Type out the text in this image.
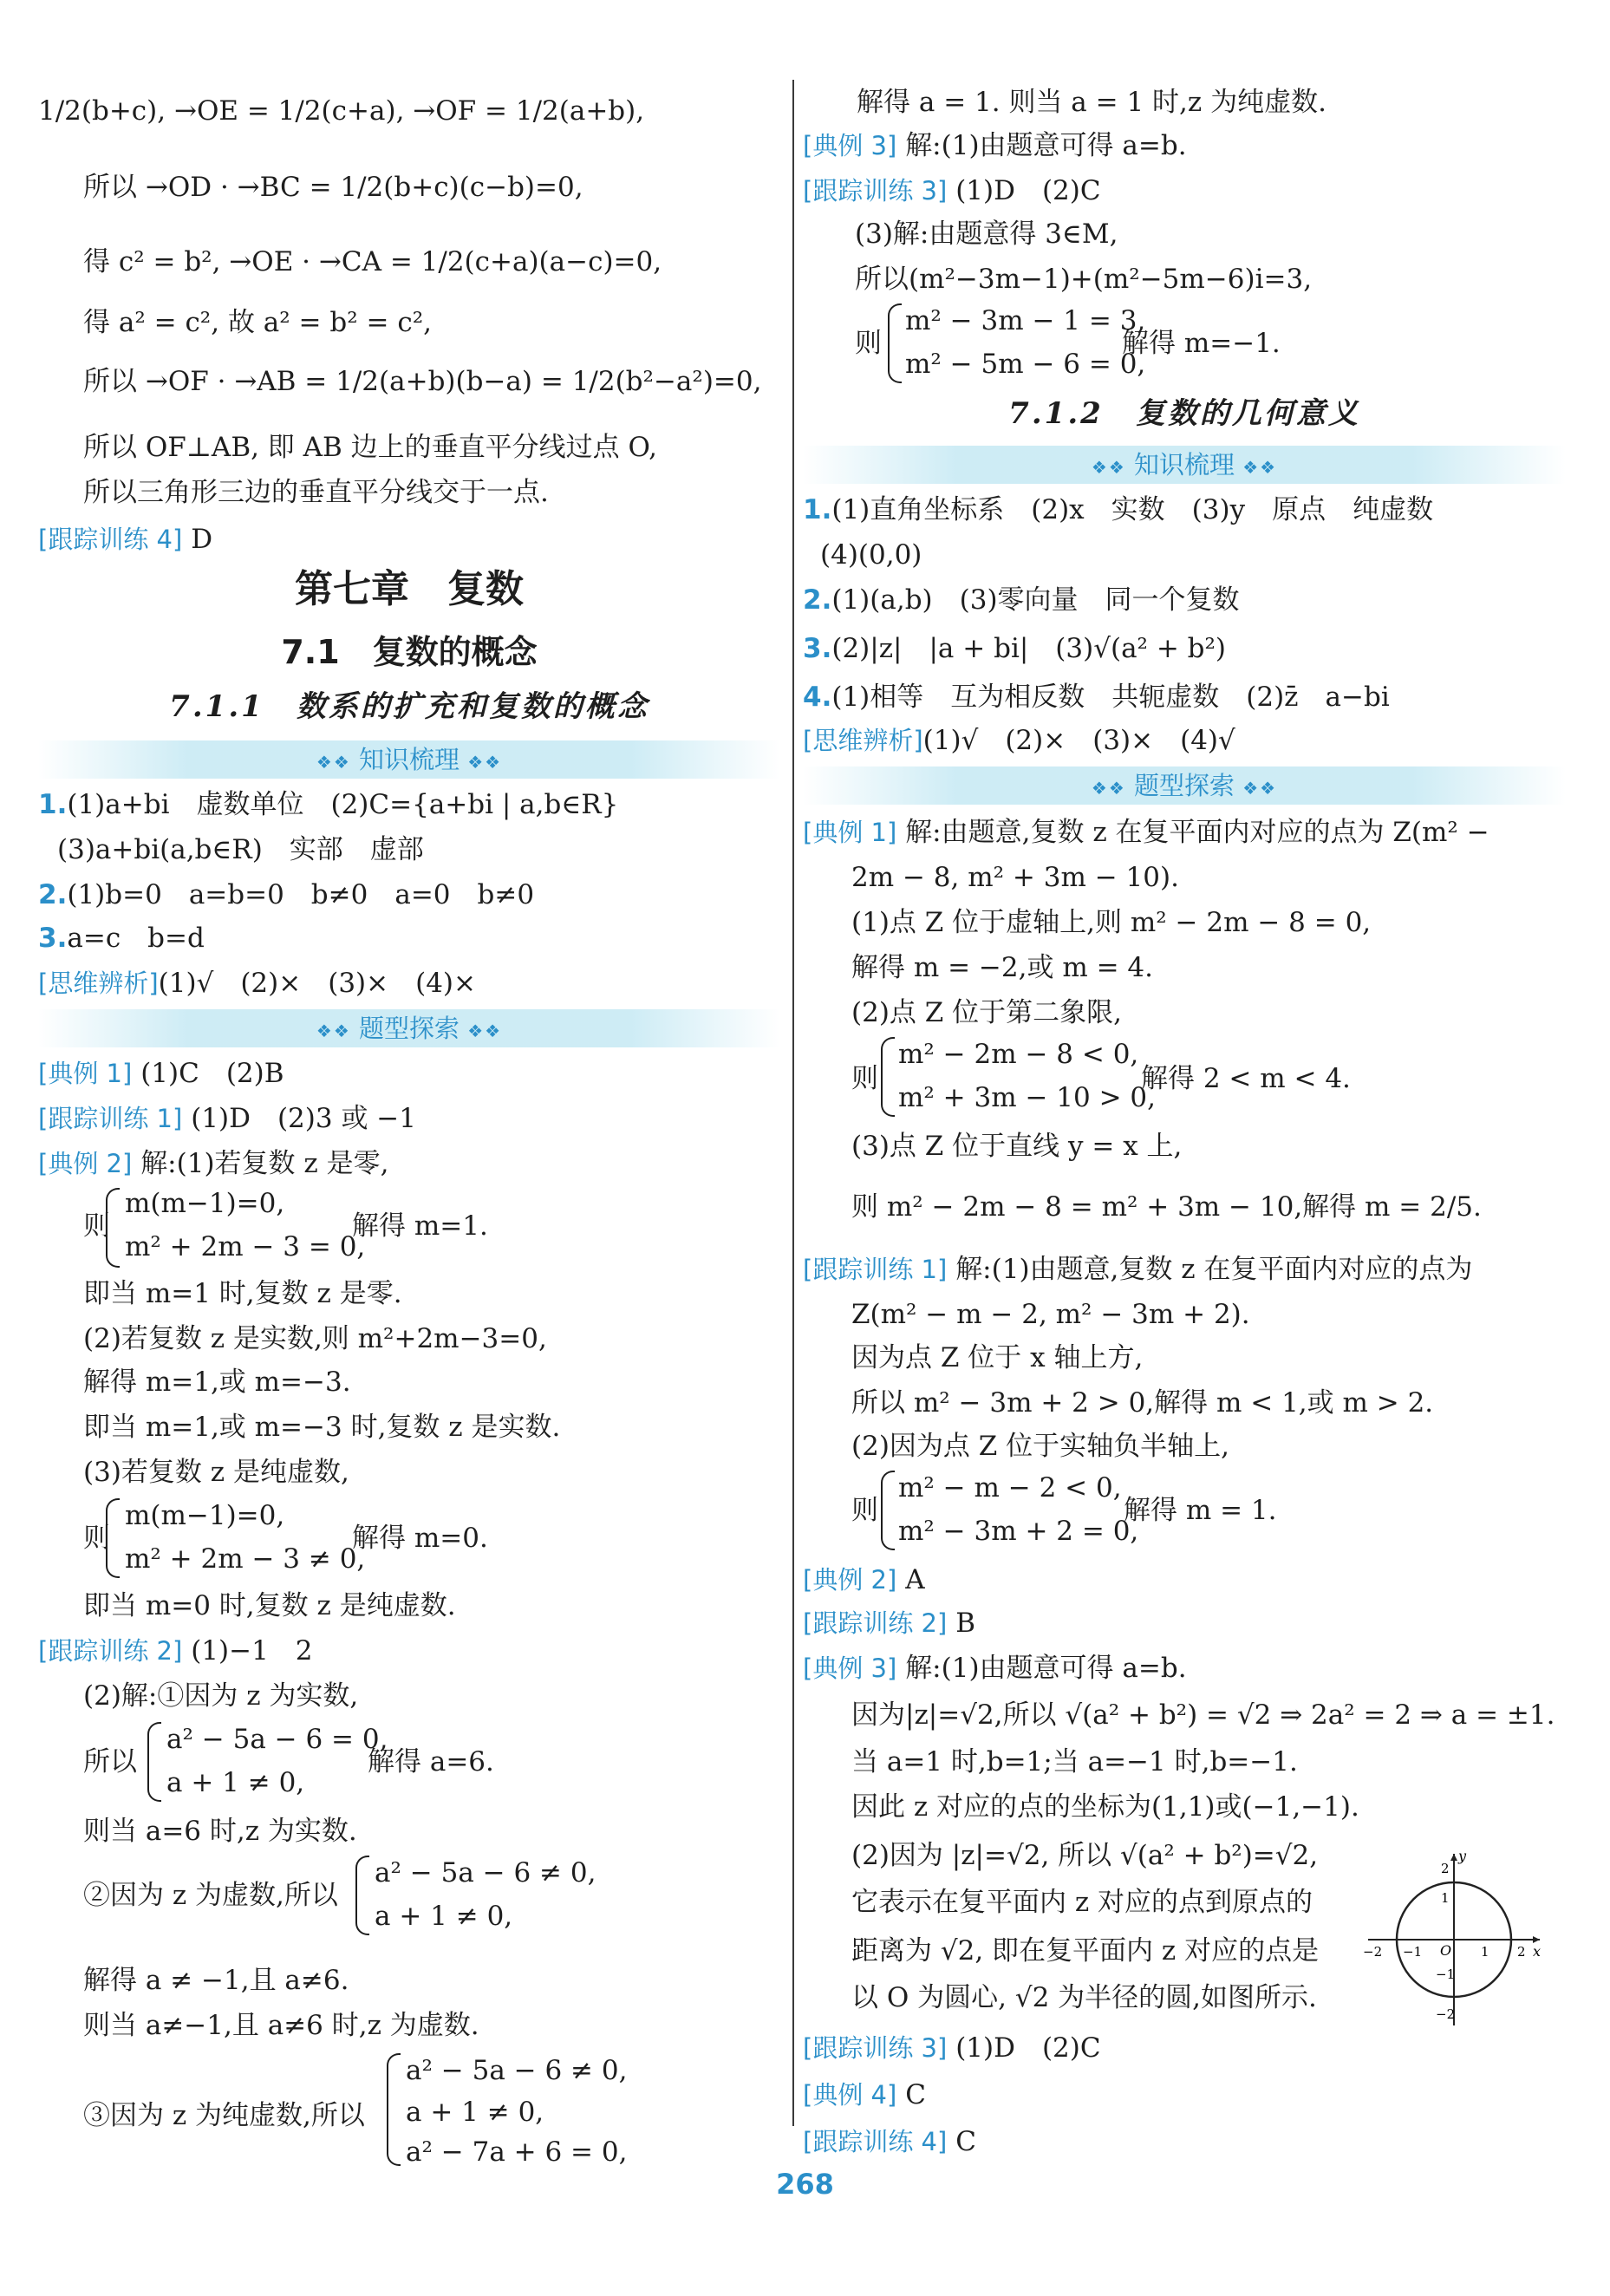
1/2(b+c), →OE = 1/2(c+a), →OF = 1/2(a+b),
所以 →OD · →BC = 1/2(b+c)(c−b)=0,
得 c² = b², →OE · →CA = 1/2(c+a)(a−c)=0,
得 a² = c², 故 a² = b² = c²,
所以 →OF · →AB = 1/2(a+b)(b−a) = 1/2(b²−a²)=0,
所以 OF⊥AB, 即 AB 边上的垂直平分线过点 O,
所以三角形三边的垂直平分线交于一点.
[跟踪训练 4] D
第七章　复数
7.1　复数的概念
7.1.1　数系的扩充和复数的概念
❖❖ 知识梳理 ❖❖
1.(1)a+bi　虚数单位　(2)C={a+bi | a,b∈R}
(3)a+bi(a,b∈R)　实部　虚部
2.(1)b=0　a=b=0　b≠0　a=0　b≠0
3.a=c　b=d
[思维辨析](1)√　(2)×　(3)×　(4)×
❖❖ 题型探索 ❖❖
[典例 1] (1)C　(2)B
[跟踪训练 1] (1)D　(2)3 或 −1
[典例 2] 解:(1)若复数 z 是零,
则
m(m−1)=0,
m² + 2m − 3 = 0,
解得 m=1.
即当 m=1 时,复数 z 是零.
(2)若复数 z 是实数,则 m²+2m−3=0,
解得 m=1,或 m=−3.
即当 m=1,或 m=−3 时,复数 z 是实数.
(3)若复数 z 是纯虚数,
则
m(m−1)=0,
m² + 2m − 3 ≠ 0,
解得 m=0.
即当 m=0 时,复数 z 是纯虚数.
[跟踪训练 2] (1)−1　2
(2)解:①因为 z 为实数,
所以
a² − 5a − 6 = 0,
a + 1 ≠ 0,
解得 a=6.
则当 a=6 时,z 为实数.
②因为 z 为虚数,所以
a² − 5a − 6 ≠ 0,
a + 1 ≠ 0,
解得 a ≠ −1,且 a≠6.
则当 a≠−1,且 a≠6 时,z 为虚数.
③因为 z 为纯虚数,所以
a² − 5a − 6 ≠ 0,
a + 1 ≠ 0,
a² − 7a + 6 = 0,
解得 a = 1. 则当 a = 1 时,z 为纯虚数.
[典例 3] 解:(1)由题意可得 a=b.
[跟踪训练 3] (1)D　(2)C
(3)解:由题意得 3∈M,
所以(m²−3m−1)+(m²−5m−6)i=3,
则
m² − 3m − 1 = 3,
m² − 5m − 6 = 0,
解得 m=−1.
7.1.2　复数的几何意义
❖❖ 知识梳理 ❖❖
1.(1)直角坐标系　(2)x　实数　(3)y　原点　纯虚数
(4)(0,0)
2.(1)(a,b)　(3)零向量　同一个复数
3.(2)|z|　|a + bi|　(3)√(a² + b²)
4.(1)相等　互为相反数　共轭虚数　(2)z̄　a−bi
[思维辨析](1)√　(2)×　(3)×　(4)√
❖❖ 题型探索 ❖❖
[典例 1] 解:由题意,复数 z 在复平面内对应的点为 Z(m² −
2m − 8, m² + 3m − 10).
(1)点 Z 位于虚轴上,则 m² − 2m − 8 = 0,
解得 m = −2,或 m = 4.
(2)点 Z 位于第二象限,
则
m² − 2m − 8 < 0,
m² + 3m − 10 > 0,
解得 2 < m < 4.
(3)点 Z 位于直线 y = x 上,
则 m² − 2m − 8 = m² + 3m − 10,解得 m = 2/5.
[跟踪训练 1] 解:(1)由题意,复数 z 在复平面内对应的点为
Z(m² − m − 2, m² − 3m + 2).
因为点 Z 位于 x 轴上方,
所以 m² − 3m + 2 > 0,解得 m < 1,或 m > 2.
(2)因为点 Z 位于实轴负半轴上,
则
m² − m − 2 < 0,
m² − 3m + 2 = 0,
解得 m = 1.
[典例 2] A
[跟踪训练 2] B
[典例 3] 解:(1)由题意可得 a=b.
因为|z|=√2,所以 √(a² + b²) = √2 ⇒ 2a² = 2 ⇒ a = ±1.
当 a=1 时,b=1;当 a=−1 时,b=−1.
因此 z 对应的点的坐标为(1,1)或(−1,−1).
(2)因为 |z|=√2, 所以 √(a² + b²)=√2,
它表示在复平面内 z 对应的点到原点的
距离为 √2, 即在复平面内 z 对应的点是
以 O 为圆心, √2 为半径的圆,如图所示.
[跟踪训练 3] (1)D　(2)C
[典例 4] C
[跟踪训练 4] C
y
x
O
2
1
−1
−2
−2 −1	1 2
268
